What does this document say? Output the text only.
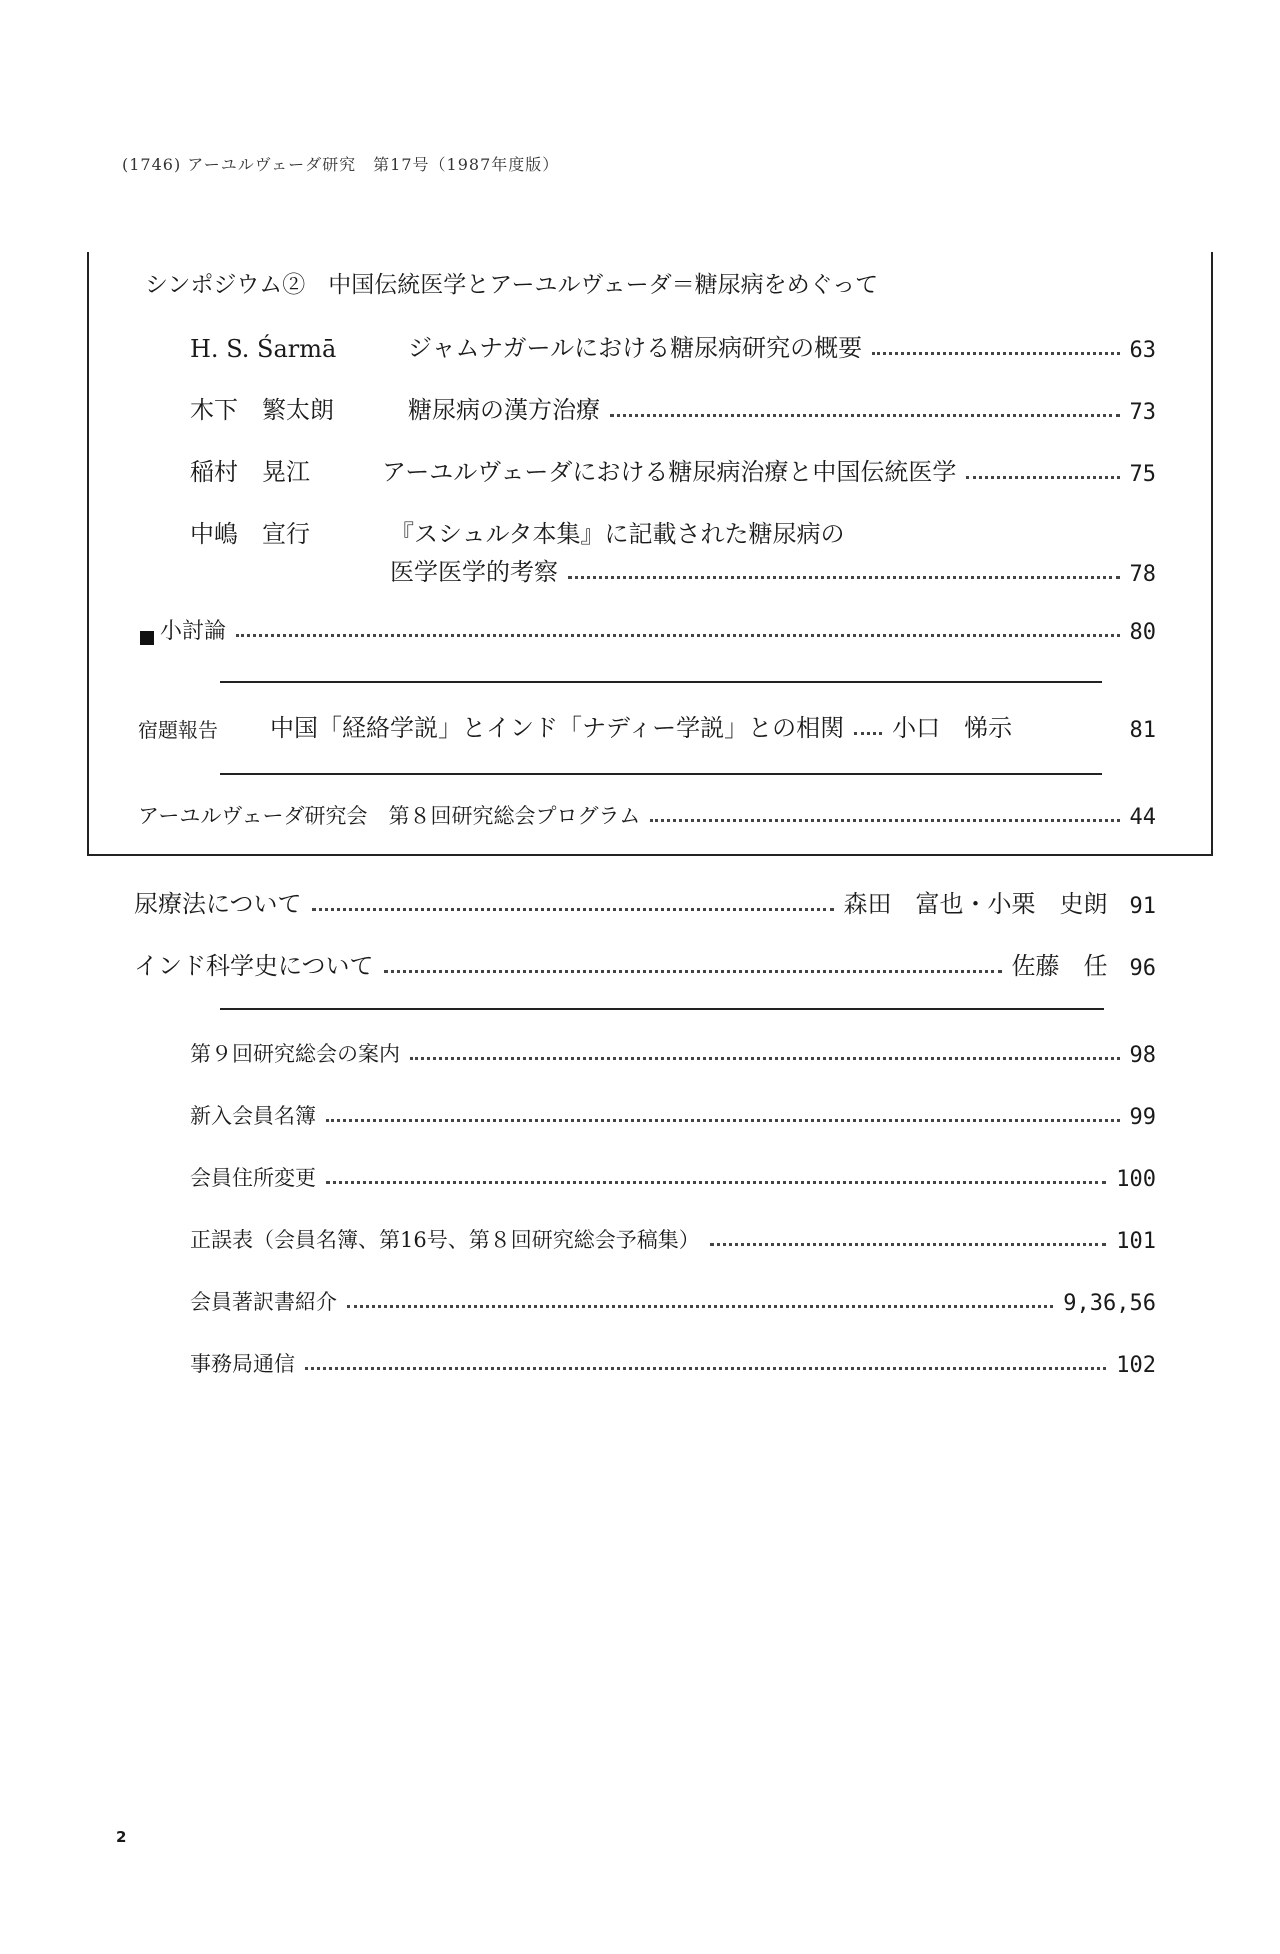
(1746) アーユルヴェーダ研究　第17号（1987年度版）
シンポジウム②　中国伝統医学とアーユルヴェーダ＝糖尿病をめぐって
H. S. Śarmā	ジャムナガールにおける糖尿病研究の概要	63
木下　繁太朗	糖尿病の漢方治療	73
稲村　晃江	アーユルヴェーダにおける糖尿病治療と中国伝統医学	75
中嶋　宣行	『スシュルタ本集』に記載された糖尿病の
医学医学的考察	78
小討論	80
宿題報告	中国「経絡学説」とインド「ナディー学説」との相関 小口　悌示	81
アーユルヴェーダ研究会　第８回研究総会プログラム	44
尿療法について	森田　富也・小栗　史朗 91
インド科学史について	佐藤　任 96
第９回研究総会の案内	98
新入会員名簿	99
会員住所変更	100
正誤表（会員名簿、第16号、第８回研究総会予稿集）	101
会員著訳書紹介	9,36,56
事務局通信	102
2
